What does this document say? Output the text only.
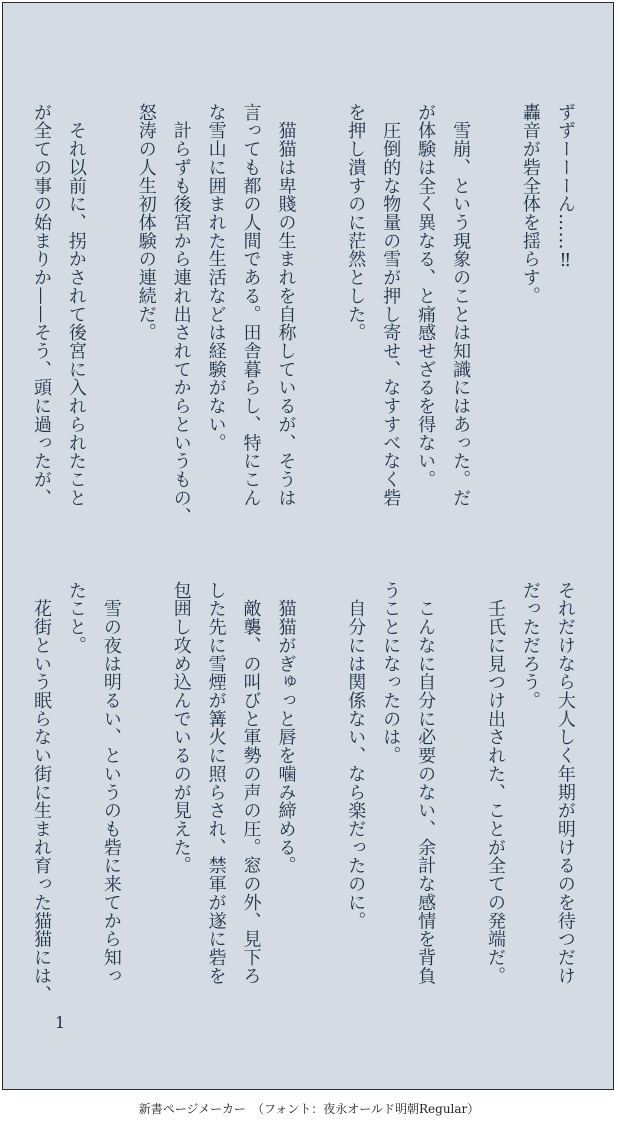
ずずーーーん……‼
轟音が砦全体を揺らす。
　雪崩、という現象のことは知識にはあった。だ
が体験は全く異なる、と痛感せざるを得ない。
　圧倒的な物量の雪が押し寄せ、なすすべなく砦
を押し潰すのに茫然とした。
　猫猫は卑賤の生まれを自称しているが、そうは
言っても都の人間である。田舎暮らし、特にこん
な雪山に囲まれた生活などは経験がない。
　計らずも後宮から連れ出されてからというもの、
怒涛の人生初体験の連続だ。
　それ以前に、拐かされて後宮に入れられたこと
が全ての事の始まりか——そう、頭に過ったが、
それだけなら大人しく年期が明けるのを待つだけ
だっただろう。
　壬氏に見つけ出された、ことが全ての発端だ。
　こんなに自分に必要のない、余計な感情を背負
うことになったのは。
　自分には関係ない、なら楽だったのに。
　猫猫がぎゅっと唇を噛み締める。
　敵襲、の叫びと軍勢の声の圧。窓の外、見下ろ
した先に雪煙が篝火に照らされ、禁軍が遂に砦を
包囲し攻め込んでいるのが見えた。
　雪の夜は明るい、というのも砦に来てから知っ
たこと。
　花街という眠らない街に生まれ育った猫猫には、
1
新書ページメーカー　（フォント：夜永オールド明朝Regular）
